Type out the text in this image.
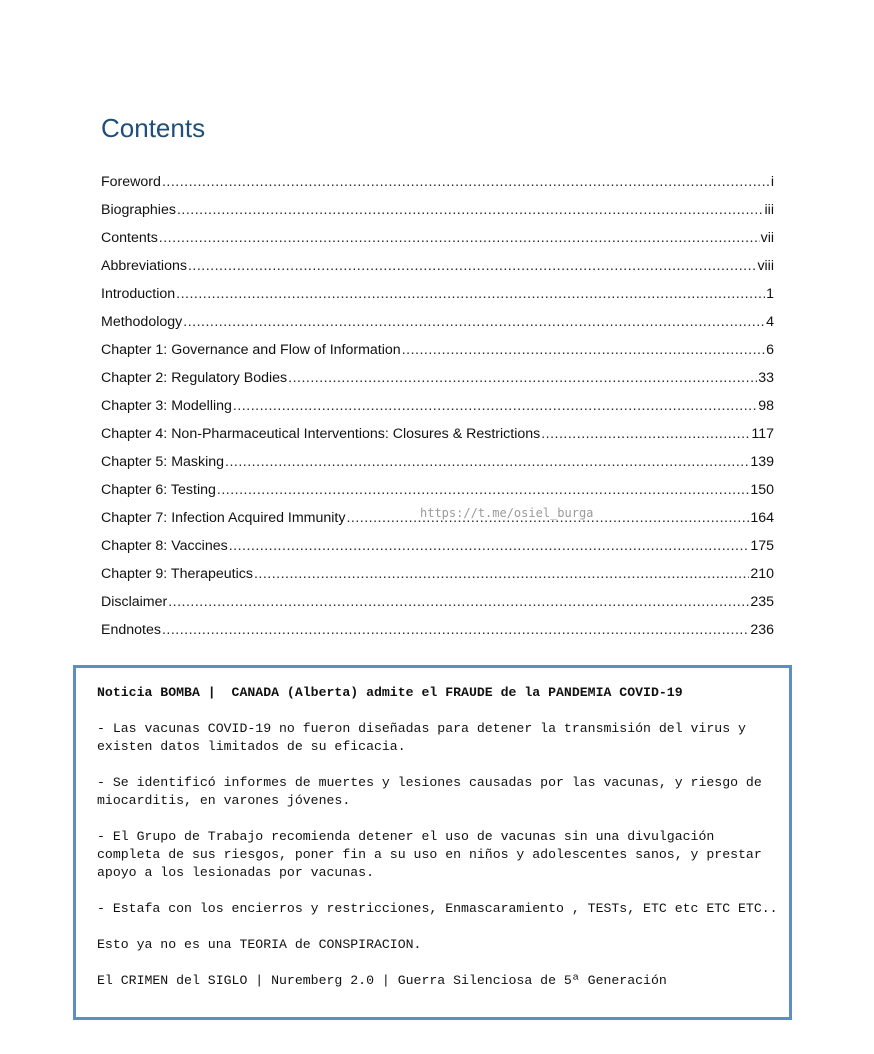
Contents
Foreword .....	i
Biographies .....	iii
Contents .....	vii
Abbreviations .....	viii
Introduction .....	1
Methodology .....	4
Chapter 1: Governance and Flow of Information .....	6
Chapter 2: Regulatory Bodies .....	33
Chapter 3: Modelling .....	98
Chapter 4: Non-Pharmaceutical Interventions: Closures & Restrictions .....	117
Chapter 5: Masking .....	139
Chapter 6: Testing .....	150
Chapter 7: Infection Acquired Immunity .....	164
Chapter 8: Vaccines .....	175
Chapter 9: Therapeutics .....	210
Disclaimer .....	235
Endnotes .....	236
https://t.me/osiel_burga

Noticia BOMBA |  CANADA (Alberta) admite el FRAUDE de la PANDEMIA COVID-19

- Las vacunas COVID-19 no fueron diseñadas para detener la transmisión del virus y existen datos limitados de su eficacia.

- Se identificó informes de muertes y lesiones causadas por las vacunas, y riesgo de miocarditis, en varones jóvenes.

- El Grupo de Trabajo recomienda detener el uso de vacunas sin una divulgación completa de sus riesgos, poner fin a su uso en niños y adolescentes sanos, y prestar apoyo a los lesionadas por vacunas.

- Estafa con los encierros y restricciones, Enmascaramiento , TESTs, ETC etc ETC ETC..

Esto ya no es una TEORIA de CONSPIRACION.

El CRIMEN del SIGLO | Nuremberg 2.0 | Guerra Silenciosa de 5ª Generación
